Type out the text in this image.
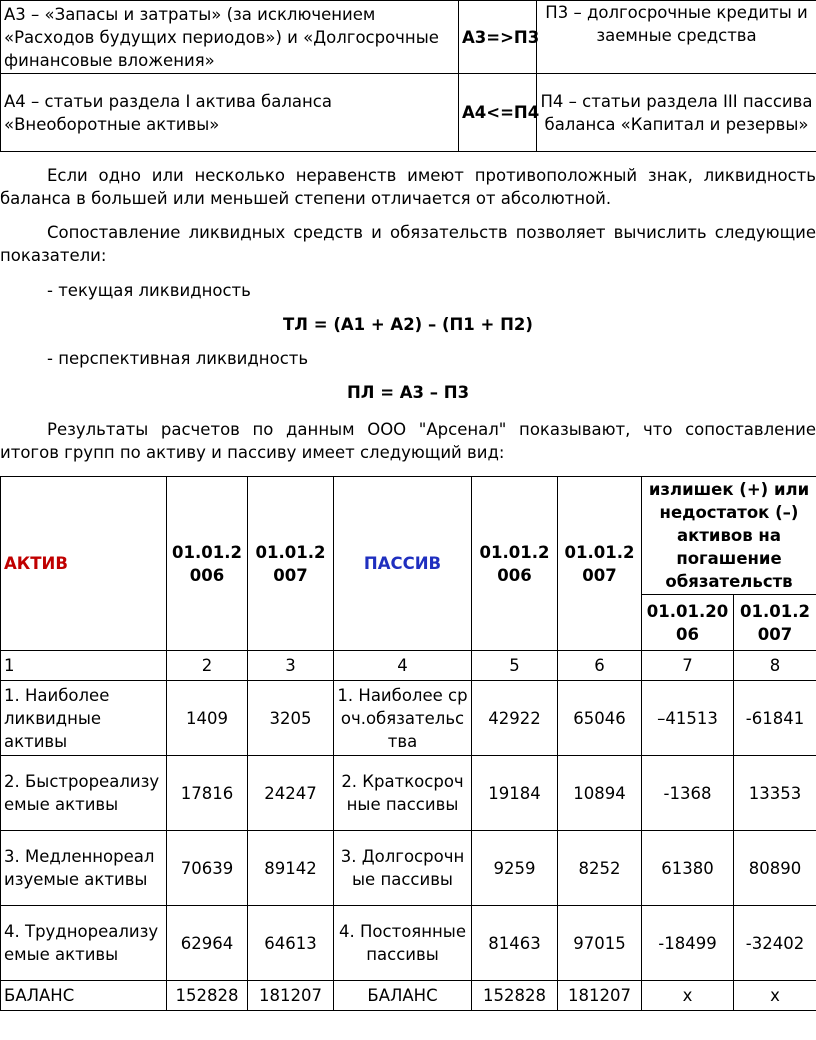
А3 – «Запасы и затраты» (за исключением «Расходов будущих периодов») и «Долгосрочные финансовые вложения»	А3=>П3	П3 – долгосрочные кредиты и заемные средства
А4 – статьи раздела I актива баланса «Внеоборотные активы»	А4<=П4	П4 – статьи раздела III пассива баланса «Капитал и резервы»

Если одно или несколько неравенств имеют противоположный знак, ликвидность баланса в большей или меньшей степени отличается от абсолютной.

Сопоставление ликвидных средств и обязательств позволяет вычислить следующие показатели:

- текущая ликвидность

ТЛ = (А1 + А2) – (П1 + П2)

- перспективная ликвидность

ПЛ = А3 – П3

Результаты расчетов по данным ООО "Арсенал" показывают, что сопоставление итогов групп по активу и пассиву имеет следующий вид:

АКТИВ	01.01.2006	01.01.2007	ПАССИВ	01.01.2006	01.01.2007	излишек (+) или недостаток (–) активов на погашение обязательств	
						01.01.2006	01.01.2007
1	2	3	4	5	6	7	8
1. Наиболее ликвидные активы	1409	3205	1. Наиболее сроч.обязательства	42922	65046	–41513	-61841
2. Быстрореализуемые активы	17816	24247	2. Краткосрочные пассивы	19184	10894	-1368	13353
3. Медленнореализуемые активы	70639	89142	3. Долгосрочные пассивы	9259	8252	61380	80890
4. Труднореализуемые активы	62964	64613	4. Постоянные пассивы	81463	97015	-18499	-32402
БАЛАНС	152828	181207	БАЛАНС	152828	181207	х	х
